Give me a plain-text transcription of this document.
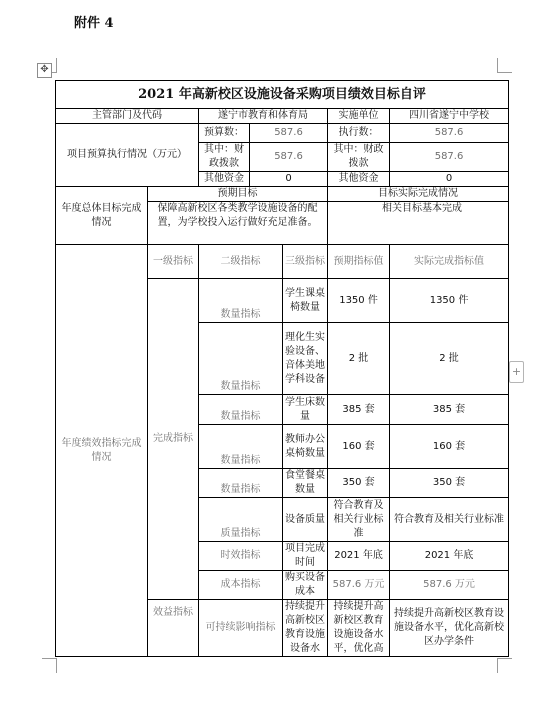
附件 4
✥
+
2021 年高新校区设施设备采购项目绩效目标自评
主管部门及代码		遂宁市教育和体育局			实施单位	四川省遂宁中学校
项目预算执行情况（万元）		预算数：	587.6		执行数：	587.6
		其中：财政拨款	587.6		其中：财政拨款	587.6
		其他资金	0		其他资金	0
年度总体目标完成情况	预期目标				目标实际完成情况	
	保障高新校区各类教学设施设备的配置，为学校投入运行做好充足准备。				相关目标基本完成	
年度绩效指标完成情况	一级指标	二级指标		三级指标	预期指标值	实际完成指标值
	完成指标	数量指标		学生课桌椅数量	1350 件	1350 件
		数量指标		理化生实验设备、音体美地学科设备	2 批	2 批
		数量指标		学生床数量	385 套	385 套
		数量指标		教师办公桌椅数量	160 套	160 套
		数量指标		食堂餐桌数量	350 套	350 套
		质量指标		设备质量	符合教育及相关行业标准	符合教育及相关行业标准
		时效指标		项目完成时间	2021 年底	2021 年底
		成本指标		购买设备成本	587.6 万元	587.6 万元
	效益指标	可持续影响指标		持续提升高新校区教育设施设备水	持续提升高新校区教育设施设备水平，优化高	持续提升高新校区教育设施设备水平，优化高新校区办学条件
